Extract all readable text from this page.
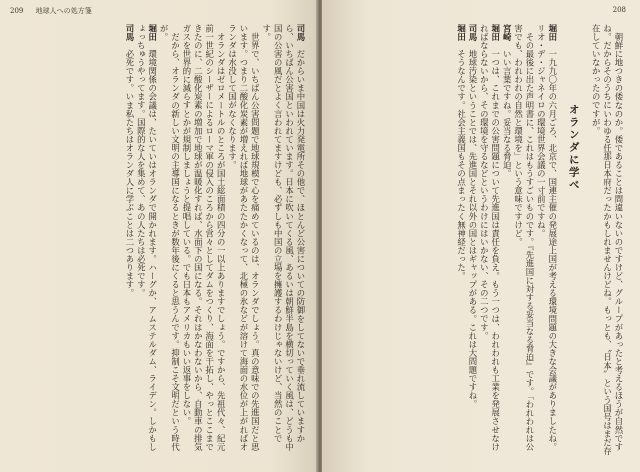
209 地球人への処方箋

司馬　だからいま中国は火力発電所その他で、ほとんど公害についての防御をしてないで垂れ流していますから、いちばん公害国といわれています。日本に吹いてくる風、あるいは朝鮮半島を横切っていく風は、どうも中国の公害の風だとよく言われてますけども、必ずしも中国の立場を擁護するわけじゃないけど、当然のことです。

　世界で、いちばん公害問題で地球規模で心を痛めているのは、オランダでしょう。真の意味での先進国だと思います。つまり二酸化炭素が増えれば地球があたたかくなって、北極の氷などが溶けて海面の水位が上がればオランダは水没して国がなくなります。

　オランダはゼロメートルのところが国土総面積の四分の一以上ありますでしょう。ですから、先祖代々、紀元前一世紀のシーザーによるローマ軍の侵入のころから営々としてダムをつくり、海面を干拓し、やっとここまできたのに、二酸化炭素の増加で地球が温暖化すれば、水面下の国になる。それはかなわないから、自動車の排気ガスを世界的に減らすとかが規制しましょうと提唱している。でも日本もアメリカもいい返事をしない。

　だから、オランダの新しい文明の主導国になるときが数年後にくると思うんです。抑制こそ文明だという時代が。

堀田　環境関係の会議は、たいていはオランダで開かれます。ハーグか、アムステルダム、ライデン。しかもしょっちゅうやってます。国際的な人を集めて、あの人たちは必死です。

司馬　必死です。いま私たちはオランダ人に学ぶことは二つあります。

208

　朝鮮に地つきの倭なのか。倭であることは間違いないのですけど、グループがあったと考えるほうが自然ですね。だからそのうちにいわゆる任那日本府だったかもしれませんけどね。もっとも、〝日本〟という国号はまだ存在していなかったのですが。

オランダに学べ

堀田　一九九〇年の六月ごろ、北京で、国連主催の発展途上国が考える環境問題の大きな会議がありましたね。リオ・デ・ジャネイロの環境世界会議の一寸前ですね。

　その最後に出た声明書に、これはもうすごいものです。『先進国に対する妥当なる脅迫』です。「われわれは公害でも、われわれの自然と環境を」という意味ですけど。

宮崎　いい言葉ですね。妥当なる脅迫。

堀田　一つは、これまでの公害問題について先進国は責任を負え。もう一つは、われわれも工業を発展させなければならないから、その環境を守るなどというわけにはいかない、その二つです。

司馬　地球汚染ということでは、先進国とそれ以外の国とはギャップがある。これは大問題ですね。

堀田　そうなんです。社会主義国もその点まったく無神経だった。
